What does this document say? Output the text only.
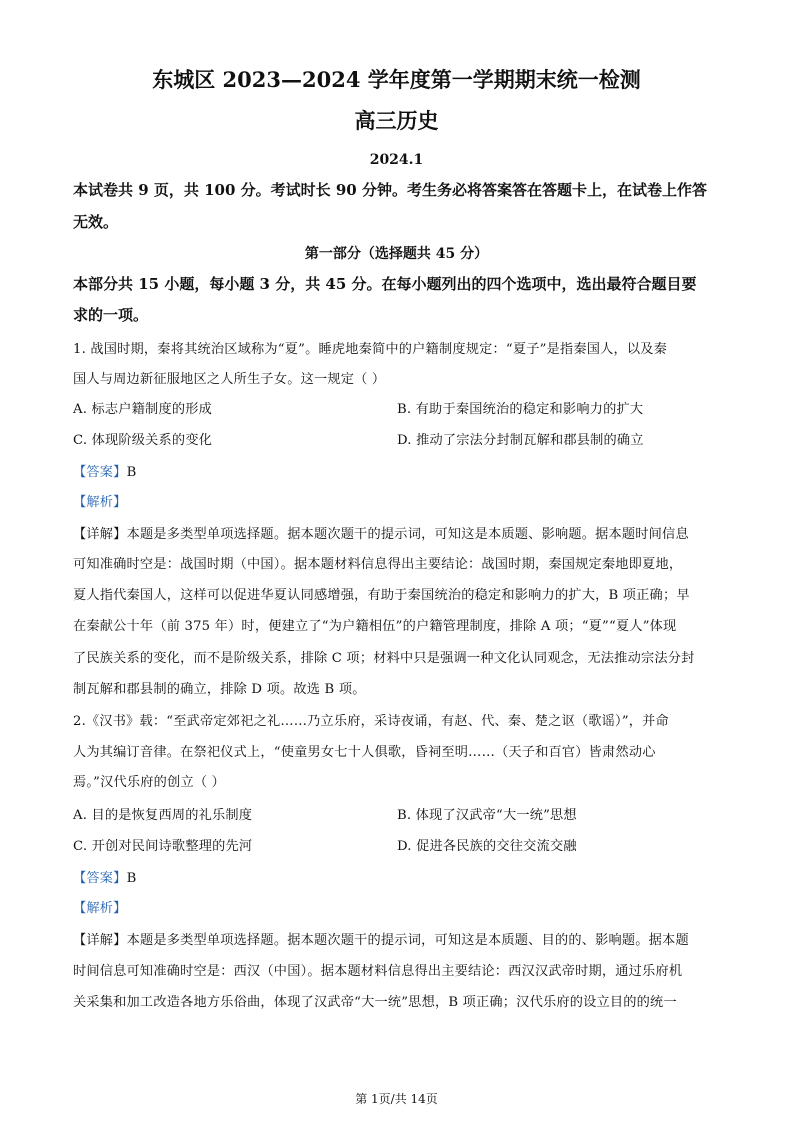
东城区 2023—2024 学年度第一学期期末统一检测
高三历史
2024.1
本试卷共 9 页，共 100 分。考试时长 90 分钟。考生务必将答案答在答题卡上，在试卷上作答
无效。
第一部分（选择题共 45 分）
本部分共 15 小题，每小题 3 分，共 45 分。在每小题列出的四个选项中，选出最符合题目要
求的一项。
1. 战国时期，秦将其统治区域称为“夏”。睡虎地秦简中的户籍制度规定：“夏子”是指秦国人，以及秦
国人与周边新征服地区之人所生子女。这一规定（ ）
A. 标志户籍制度的形成	B. 有助于秦国统治的稳定和影响力的扩大
C. 体现阶级关系的变化	D. 推动了宗法分封制瓦解和郡县制的确立
【答案】B
【解析】
【详解】本题是多类型单项选择题。据本题次题干的提示词，可知这是本质题、影响题。据本题时间信息
可知准确时空是：战国时期（中国）。据本题材料信息得出主要结论：战国时期，秦国规定秦地即夏地，
夏人指代秦国人，这样可以促进华夏认同感增强，有助于秦国统治的稳定和影响力的扩大，B 项正确；早
在秦献公十年（前 375 年）时，便建立了“为户籍相伍”的户籍管理制度，排除 A 项；“夏”“夏人”体现
了民族关系的变化，而不是阶级关系，排除 C 项；材料中只是强调一种文化认同观念，无法推动宗法分封
制瓦解和郡县制的确立，排除 D 项。故选 B 项。
2.《汉书》载：“至武帝定郊祀之礼……乃立乐府，采诗夜诵，有赵、代、秦、楚之讴（歌谣）”，并命
人为其编订音律。在祭祀仪式上，“使童男女七十人俱歌，昏祠至明……（天子和百官）皆肃然动心
焉。”汉代乐府的创立（ ）
A. 目的是恢复西周的礼乐制度	B. 体现了汉武帝“大一统”思想
C. 开创对民间诗歌整理的先河	D. 促进各民族的交往交流交融
【答案】B
【解析】
【详解】本题是多类型单项选择题。据本题次题干的提示词，可知这是本质题、目的的、影响题。据本题
时间信息可知准确时空是：西汉（中国）。据本题材料信息得出主要结论：西汉汉武帝时期，通过乐府机
关采集和加工改造各地方乐俗曲，体现了汉武帝“大一统”思想，B 项正确；汉代乐府的设立目的的统一
第 1页/共 14页
